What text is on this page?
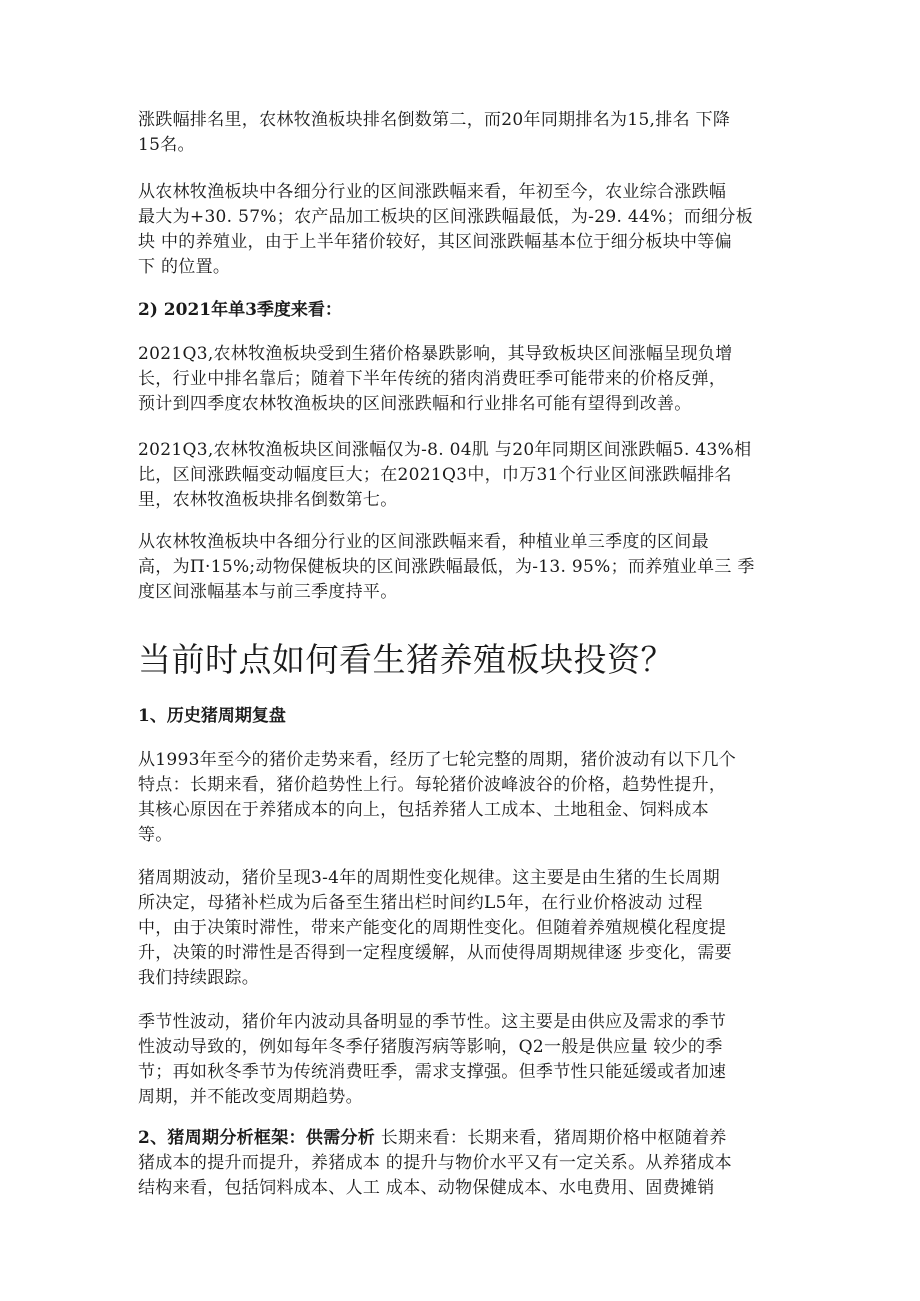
涨跌幅排名里，农林牧渔板块排名倒数第二，而20年同期排名为15,排名 下降
15名。
从农林牧渔板块中各细分行业的区间涨跌幅来看，年初至今，农业综合涨跌幅
最大为+30. 57%；农产品加工板块的区间涨跌幅最低，为-29. 44%；而细分板
块 中的养殖业，由于上半年猪价较好，其区间涨跌幅基本位于细分板块中等偏
下 的位置。
2) 2021年单3季度来看：
2021Q3,农林牧渔板块受到生猪价格暴跌影响，其导致板块区间涨幅呈现负增
长，行业中排名靠后；随着下半年传统的猪肉消费旺季可能带来的价格反弹，
预计到四季度农林牧渔板块的区间涨跌幅和行业排名可能有望得到改善。
2021Q3,农林牧渔板块区间涨幅仅为-8. 04肌 与20年同期区间涨跌幅5. 43%相
比，区间涨跌幅变动幅度巨大；在2021Q3中，巾万31个行业区间涨跌幅排名
里，农林牧渔板块排名倒数第七。
从农林牧渔板块中各细分行业的区间涨跌幅来看，种植业单三季度的区间最
高，为Π·15%;动物保健板块的区间涨跌幅最低，为-13. 95%；而养殖业单三 季
度区间涨幅基本与前三季度持平。
当前时点如何看生猪养殖板块投资？
1、历史猪周期复盘
从1993年至今的猪价走势来看，经历了七轮完整的周期，猪价波动有以下几个
特点：长期来看，猪价趋势性上行。每轮猪价波峰波谷的价格，趋势性提升，
其核心原因在于养猪成本的向上，包括养猪人工成本、土地租金、饲料成本
等。
猪周期波动，猪价呈现3-4年的周期性变化规律。这主要是由生猪的生长周期
所决定，母猪补栏成为后备至生猪出栏时间约L5年，在行业价格波动 过程
中，由于决策时滞性，带来产能变化的周期性变化。但随着养殖规模化程度提
升，决策的时滞性是否得到一定程度缓解，从而使得周期规律逐 步变化，需要
我们持续跟踪。
季节性波动，猪价年内波动具备明显的季节性。这主要是由供应及需求的季节
性波动导致的，例如每年冬季仔猪腹泻病等影响，Q2一般是供应量 较少的季
节；再如秋冬季节为传统消费旺季，需求支撑强。但季节性只能延缓或者加速
周期，并不能改变周期趋势。
2、猪周期分析框架：供需分析 长期来看：长期来看，猪周期价格中枢随着养
猪成本的提升而提升，养猪成本 的提升与物价水平又有一定关系。从养猪成本
结构来看，包括饲料成本、人工 成本、动物保健成本、水电费用、固费摊销
